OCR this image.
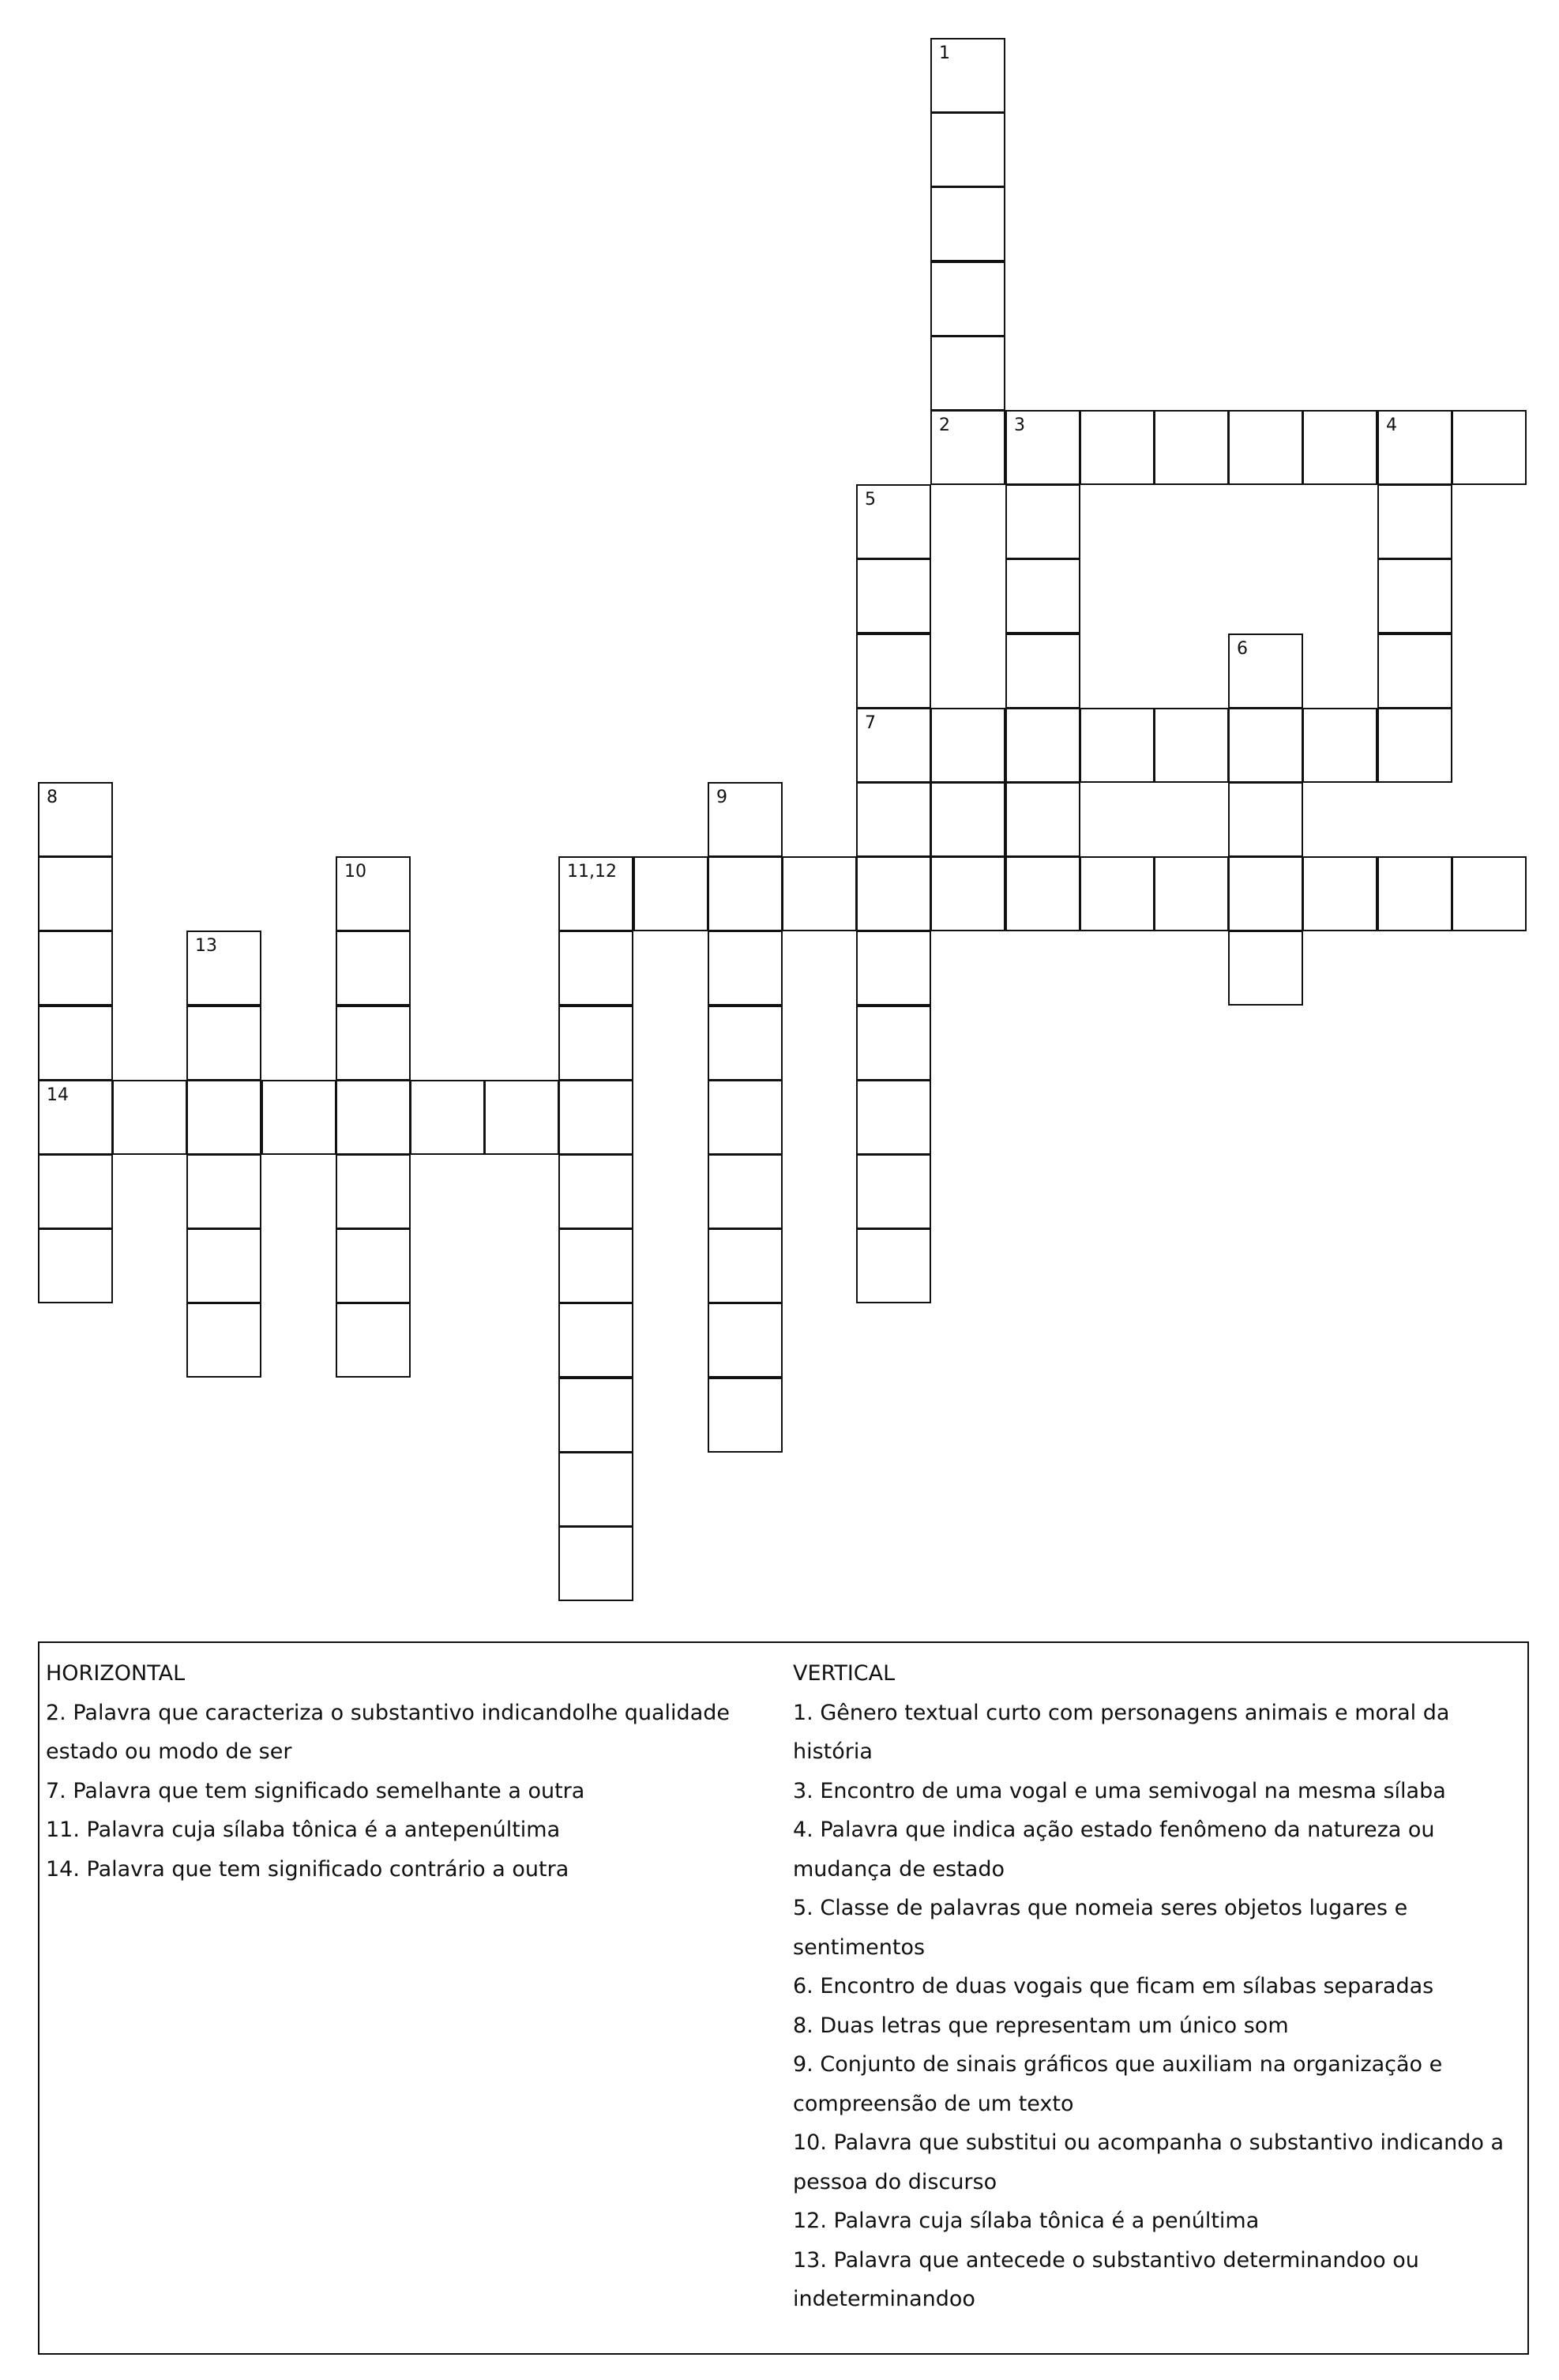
1
2	3	4
5
6
7
8	9
10	11,12
13
14
HORIZONTAL
2. Palavra que caracteriza o substantivo indicandolhe qualidade
estado ou modo de ser
7. Palavra que tem significado semelhante a outra
11. Palavra cuja sílaba tônica é a antepenúltima
14. Palavra que tem significado contrário a outra
VERTICAL
1. Gênero textual curto com personagens animais e moral da
história
3. Encontro de uma vogal e uma semivogal na mesma sílaba
4. Palavra que indica ação estado fenômeno da natureza ou
mudança de estado
5. Classe de palavras que nomeia seres objetos lugares e
sentimentos
6. Encontro de duas vogais que ficam em sílabas separadas
8. Duas letras que representam um único som
9. Conjunto de sinais gráficos que auxiliam na organização e
compreensão de um texto
10. Palavra que substitui ou acompanha o substantivo indicando a
pessoa do discurso
12. Palavra cuja sílaba tônica é a penúltima
13. Palavra que antecede o substantivo determinandoo ou
indeterminandoo
